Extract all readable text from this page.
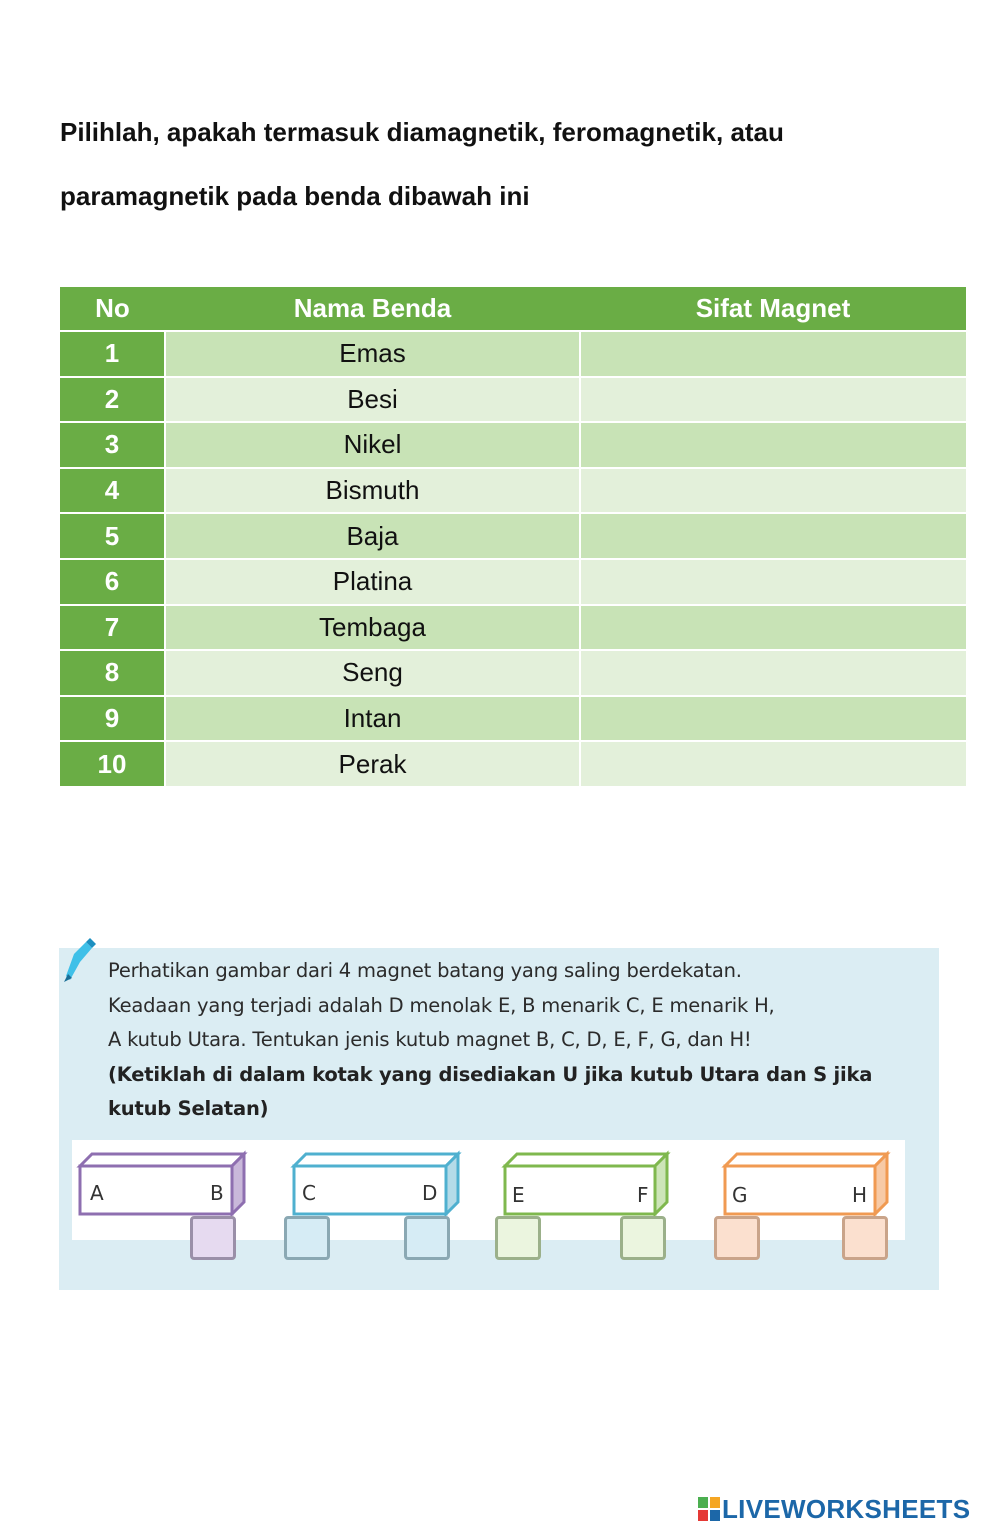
Pilihlah, apakah termasuk diamagnetik, feromagnetik, atau paramagnetik pada benda dibawah ini
No	Nama Benda	Sifat Magnet
1	Emas	
2	Besi	
3	Nikel	
4	Bismuth	
5	Baja	
6	Platina	
7	Tembaga	
8	Seng	
9	Intan	
10	Perak	
Perhatikan gambar dari 4 magnet batang yang saling berdekatan.
Keadaan yang terjadi adalah D menolak E, B menarik C, E menarik H,
A kutub Utara. Tentukan jenis kutub magnet B, C, D, E, F, G, dan H!
(Ketiklah di dalam kotak yang disediakan U jika kutub Utara dan S jika
kutub Selatan)
A	B	C	D	E	F	G	H
LIVEWORKSHEETS
